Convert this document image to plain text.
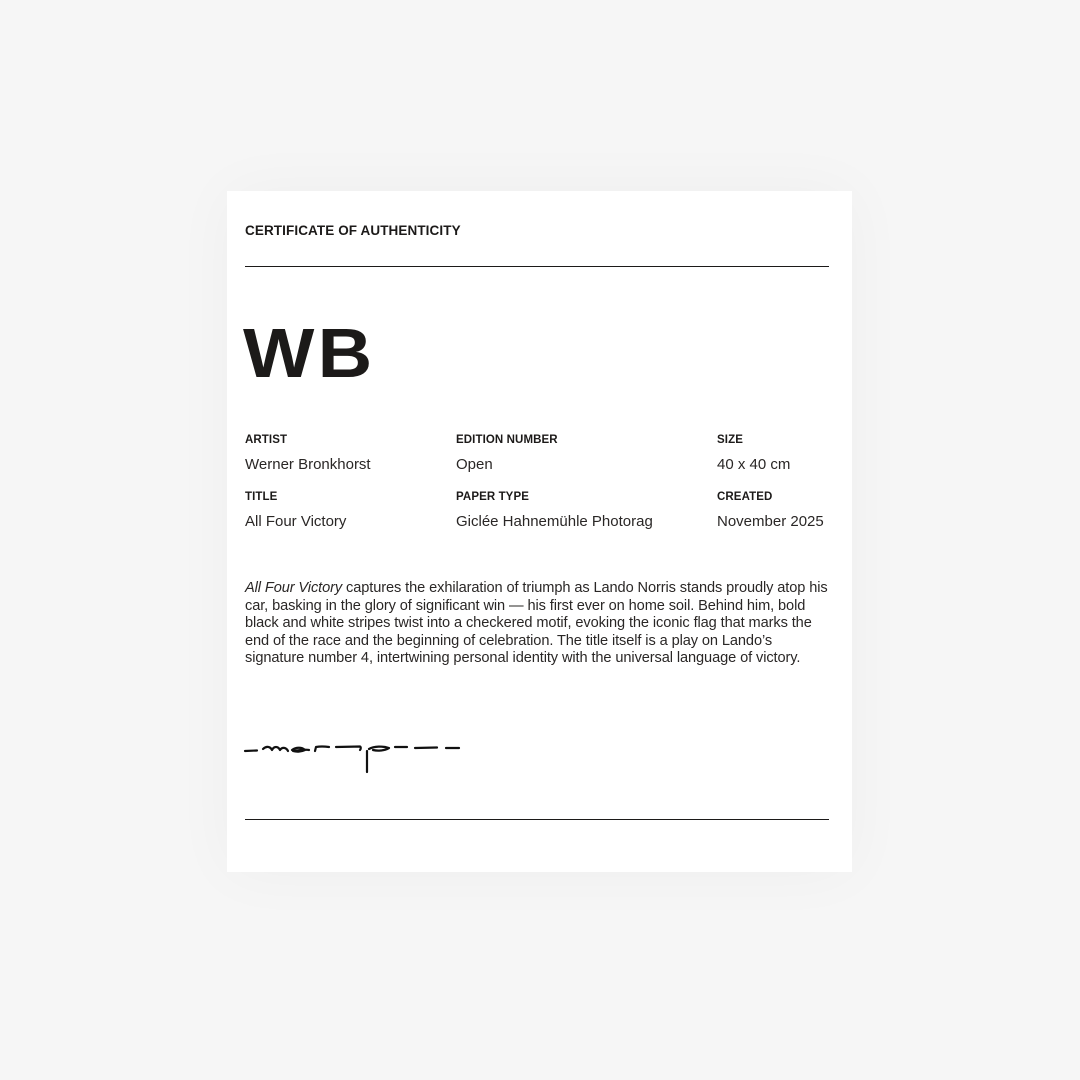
CERTIFICATE OF AUTHENTICITY
WB
ARTIST
Werner Bronkhorst
EDITION NUMBER
Open
SIZE
40 x 40 cm
TITLE
All Four Victory
PAPER TYPE
Giclée Hahnemühle Photorag
CREATED
November 2025
All Four Victory captures the exhilaration of triumph as Lando Norris stands proudly atop his car, basking in the glory of significant win — his first ever on home soil. Behind him, bold black and white stripes twist into a checkered motif, evoking the iconic flag that marks the end of the race and the beginning of celebration. The title itself is a play on Lando’s signature number 4, intertwining personal identity with the universal language of victory.
